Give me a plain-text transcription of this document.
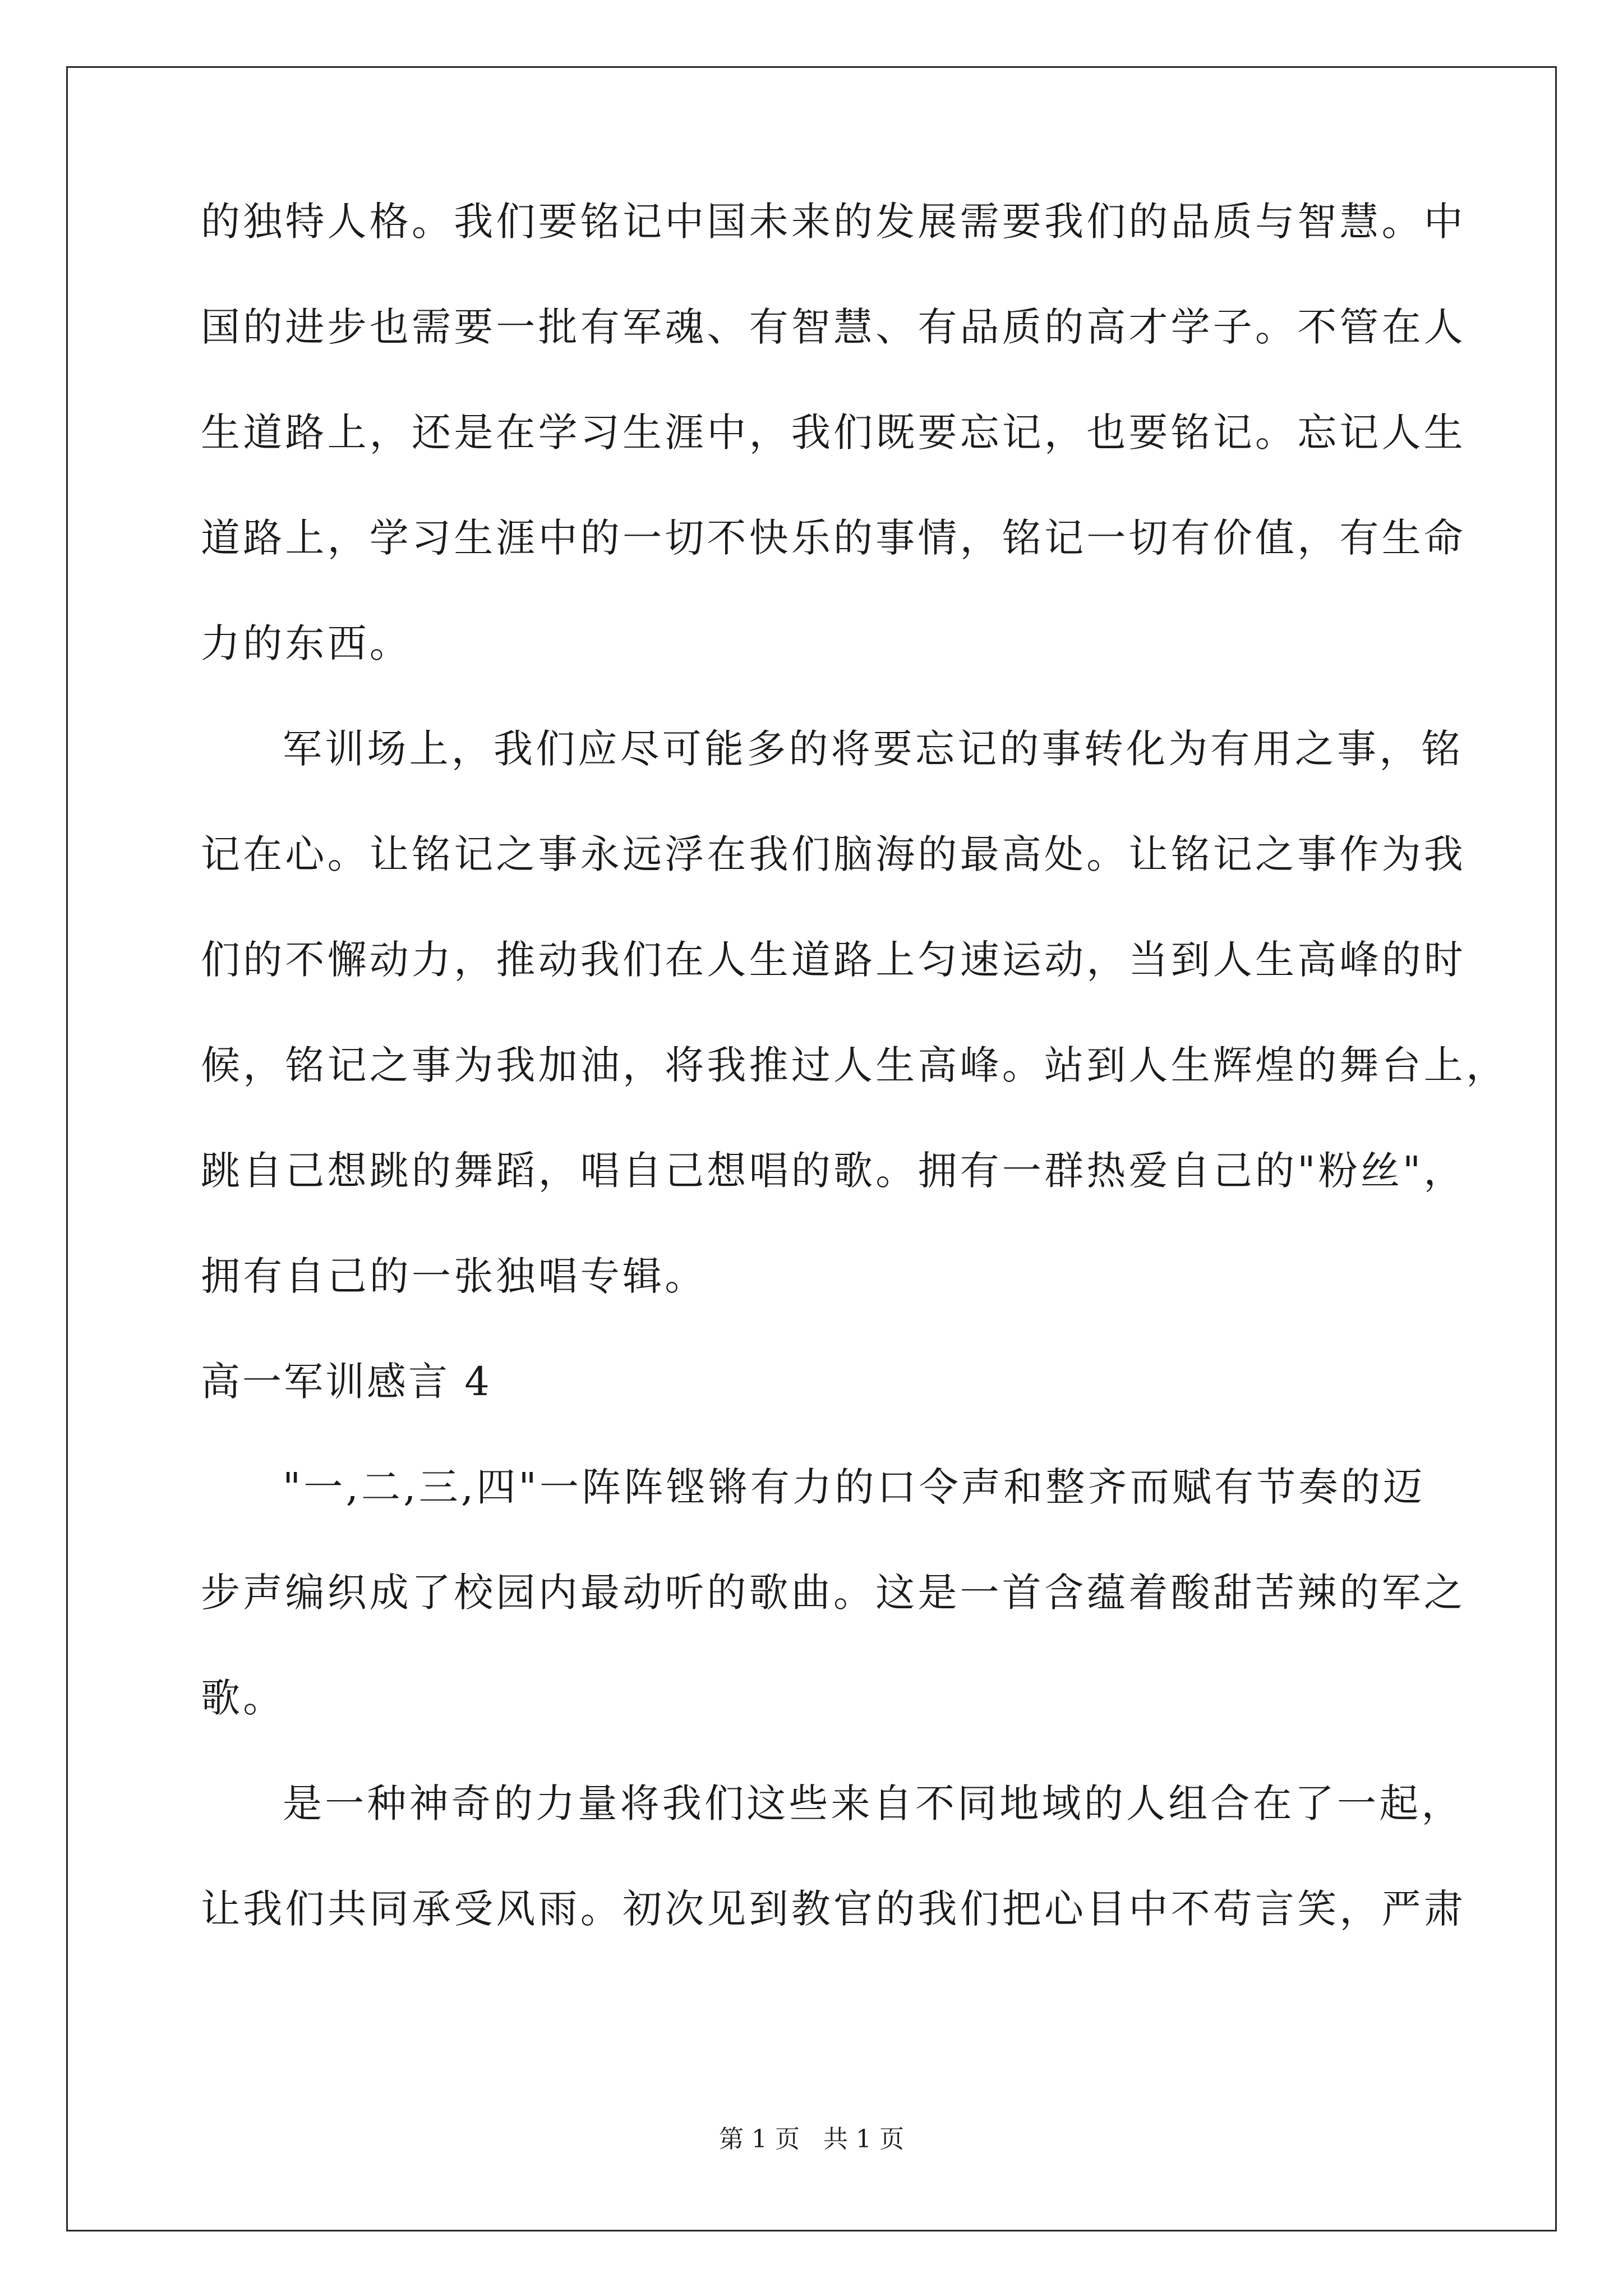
的独特人格。我们要铭记中国未来的发展需要我们的品质与智慧。中
国的进步也需要一批有军魂、有智慧、有品质的高才学子。不管在人
生道路上，还是在学习生涯中，我们既要忘记，也要铭记。忘记人生
道路上，学习生涯中的一切不快乐的事情，铭记一切有价值，有生命
力的东西。
军训场上，我们应尽可能多的将要忘记的事转化为有用之事，铭
记在心。让铭记之事永远浮在我们脑海的最高处。让铭记之事作为我
们的不懈动力，推动我们在人生道路上匀速运动，当到人生高峰的时
候，铭记之事为我加油，将我推过人生高峰。站到人生辉煌的舞台上，
跳自己想跳的舞蹈，唱自己想唱的歌。拥有一群热爱自己的"粉丝"，
拥有自己的一张独唱专辑。
高一军训感言 4
"一,二,三,四"一阵阵铿锵有力的口令声和整齐而赋有节奏的迈
步声编织成了校园内最动听的歌曲。这是一首含蕴着酸甜苦辣的军之
歌。
是一种神奇的力量将我们这些来自不同地域的人组合在了一起，
让我们共同承受风雨。初次见到教官的我们把心目中不苟言笑，严肃
第 1 页   共 1 页
